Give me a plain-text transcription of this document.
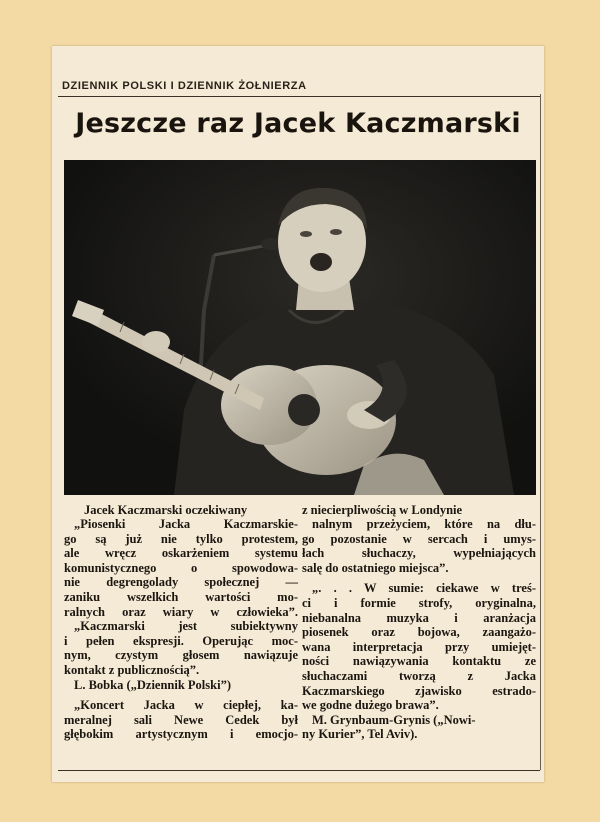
DZIENNIK POLSKI I DZIENNIK ŻOŁNIERZA
Jeszcze raz Jacek Kaczmarski
Jacek Kaczmarski oczekiwany	z niecierpliwością w Londynie
„Piosenki Jacka Kaczmarskie-
go są już nie tylko protestem,
ale wręcz oskarżeniem systemu
komunistycznego o spowodowa-
nie degrengolady społecznej —
zaniku wszelkich wartości mo-
ralnych oraz wiary w człowieka”.
„Kaczmarski jest subiektywny
i pełen ekspresji. Operując moc-
nym, czystym głosem nawiązuje
kontakt z publicznością”.
L. Bobka („Dziennik Polski”)
„Koncert Jacka w ciepłej, ka-
meralnej sali Newe Cedek był
głębokim artystycznym i emocjo-
nalnym przeżyciem, które na dłu-
go pozostanie w sercach i umys-
łach słuchaczy, wypełniających
salę do ostatniego miejsca”.
„. . . W sumie: ciekawe w treś-
ci i formie strofy, oryginalna,
niebanalna muzyka i aranżacja
piosenek oraz bojowa, zaangażo-
wana interpretacja przy umiejęt-
ności nawiązywania kontaktu ze
słuchaczami tworzą z Jacka
Kaczmarskiego zjawisko estrado-
we godne dużego brawa”.
M. Grynbaum-Grynis („Nowi-
ny Kurier”, Tel Aviv).
